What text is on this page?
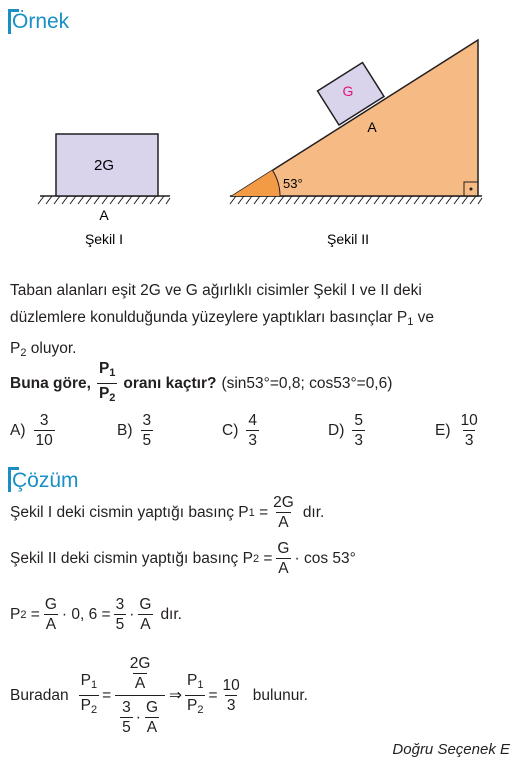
Örnek
2G
A
Şekil I
53°
G
A
Şekil II
Taban alanları eşit 2G ve G ağırlıklı cisimler Şekil I ve II deki
düzlemlere konulduğunda yüzeylere yaptıkları basınçlar $P_1$ ve
$P_2$ oluyor.
Buna göre, $\frac{P_1}{P_2}$ oranı kaçtır? (sin53°=0,8; cos53°=0,6)
$A) \frac{3}{10}$	$B) \frac{3}{5}$	$C) \frac{4}{3}$	$D) \frac{5}{3}$	$E) \frac{10}{3}$
Çözüm
Şekil I deki cismin yaptığı basınç P $1 = \frac{2G}{A}$ dır.
Şekil II deki cismin yaptığı basınç P $2 = \frac{G}{A} \cdot \cos 53^\circ$
P $2 = \frac{G}{A} \cdot 0$, $6 = \frac{3}{5} \cdot \frac{G}{A}$ dır.
Buradan $\frac{P_1}{P_2} = \frac{\frac{2G}{A}}{\frac{3}{5} \cdot \frac{G}{A}}$ ⇒ $\frac{P_1}{P_2} = \frac{10}{3}$ bulunur.
Doğru Seçenek E
